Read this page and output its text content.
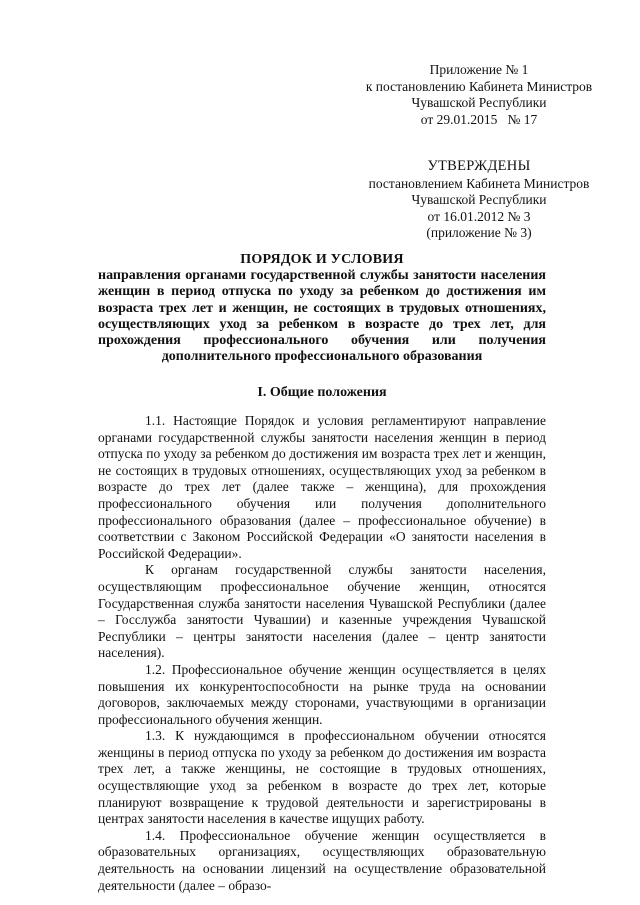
Приложение № 1
к постановлению Кабинета Министров
Чувашской Республики
от 29.01.2015   № 17
УТВЕРЖДЕНЫ
постановлением Кабинета Министров
Чувашской Республики
от 16.01.2012 № 3
(приложение № 3)
ПОРЯДОК И УСЛОВИЯ
направления органами государственной службы занятости населения женщин в период отпуска по уходу за ребенком до достижения им возраста трех лет и женщин, не состоящих в трудовых отношениях, осуществляющих уход за ребенком в возрасте до трех лет, для прохождения профессионального обучения или получения дополнительного профессионального образования
I. Общие положения

1.1. Настоящие Порядок и условия регламентируют направление органами государственной службы занятости населения женщин в период отпуска по уходу за ребенком до достижения им возраста трех лет и женщин, не состоящих в трудовых отношениях, осуществляющих уход за ребенком в возрасте до трех лет (далее также – женщина), для прохождения профессионального обучения или получения дополнительного профессионального образования (далее – профессиональное обучение) в соответствии с Законом Российской Федерации «О занятости населения в Российской Федерации».

К органам государственной службы занятости населения, осуществляющим профессиональное обучение женщин, относятся Государственная служба занятости населения Чувашской Республики (далее – Госслужба занятости Чувашии) и казенные учреждения Чувашской Республики – центры занятости населения (далее – центр занятости населения).

1.2. Профессиональное обучение женщин осуществляется в целях повышения их конкурентоспособности на рынке труда на основании договоров, заключаемых между сторонами, участвующими в организации профессионального обучения женщин.

1.3. К нуждающимся в профессиональном обучении относятся женщины в период отпуска по уходу за ребенком до достижения им возраста трех лет, а также женщины, не состоящие в трудовых отношениях, осуществляющие уход за ребенком в возрасте до трех лет, которые планируют возвращение к трудовой деятельности и зарегистрированы в центрах занятости населения в качестве ищущих работу.

1.4. Профессиональное обучение женщин осуществляется в образовательных организациях, осуществляющих образовательную деятельность на основании лицензий на осуществление образовательной деятельности (далее – образо-
